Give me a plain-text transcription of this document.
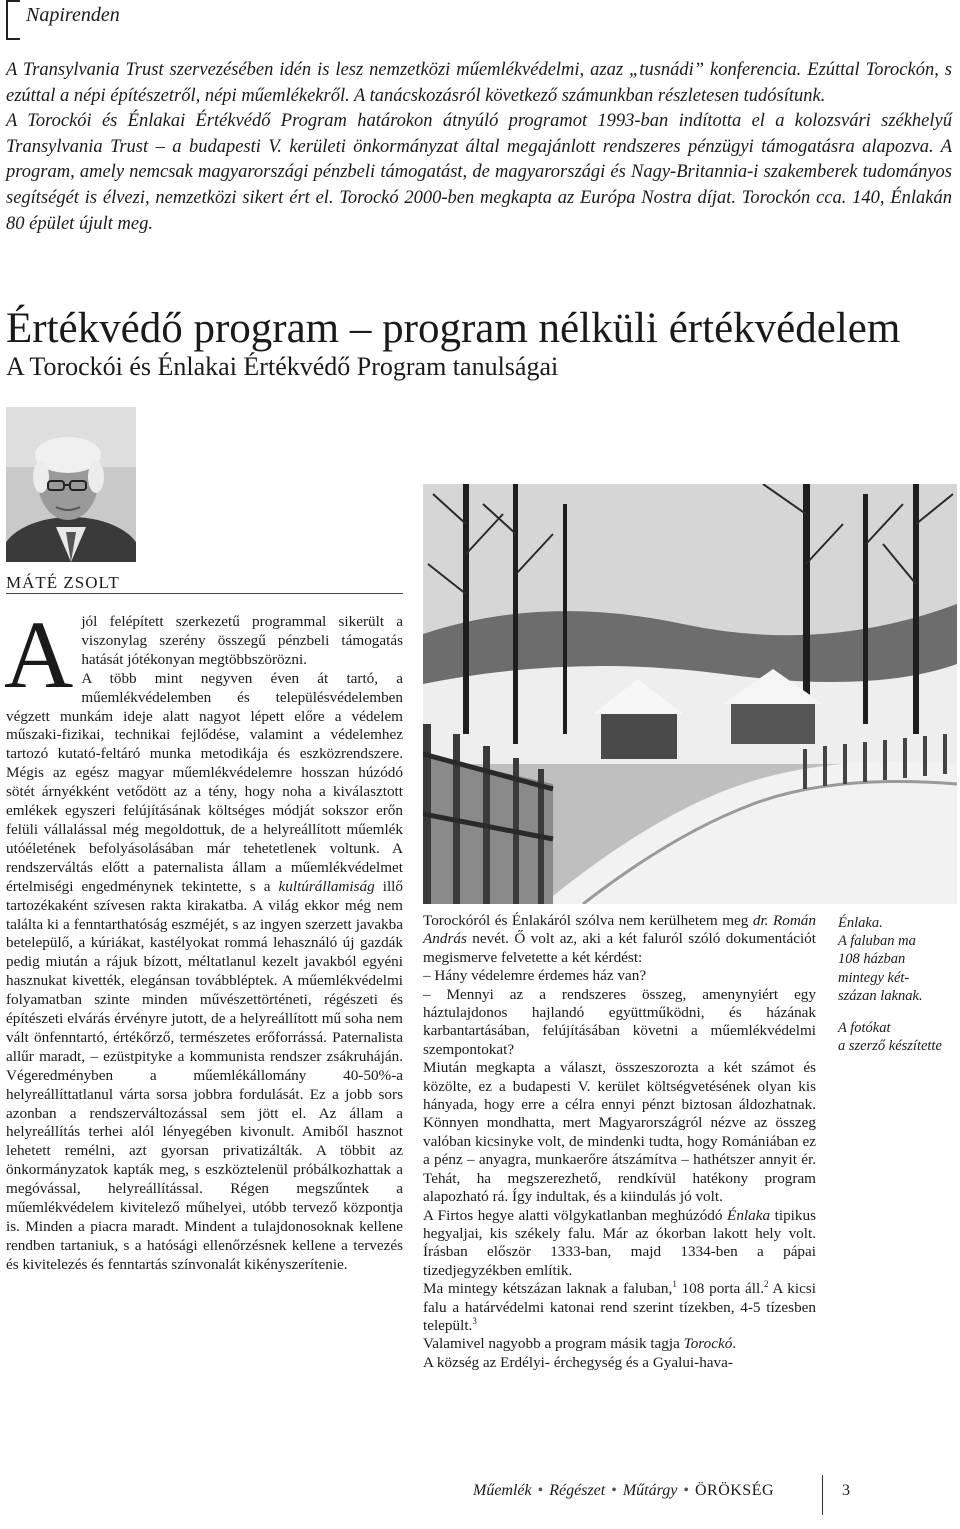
Napirenden
A Transylvania Trust szervezésében idén is lesz nemzetközi műemlékvédelmi, azaz „tusnádi” konferencia. Ezúttal Torockón, s ezúttal a népi építészetről, népi műemlékekről. A tanácskozásról következő számunkban részletesen tudósítunk.
A Torockói és Énlakai Értékvédő Program határokon átnyúló programot 1993-ban indította el a kolozsvári székhelyű Transylvania Trust – a budapesti V. kerületi önkormányzat által megajánlott rendszeres pénzügyi támogatásra alapozva. A program, amely nemcsak magyarországi pénzbeli támogatást, de magyarországi és Nagy-Britannia-i szakemberek tudományos segítségét is élvezi, nemzetközi sikert ért el. Torockó 2000-ben megkapta az Európa Nostra díjat. Torockón cca. 140, Énlakán 80 épület újult meg.
Értékvédő program – program nélküli értékvédelem
A Torockói és Énlakai Értékvédő Program tanulságai
MÁTÉ ZSOLT

A jól felépített szerkezetű programmal sikerült a viszonylag szerény összegű pénzbeli támogatás hatását jótékonyan megtöbbszörözni.

A több mint negyven éven át tartó, a műemlékvédelemben és településvédelemben végzett munkám ideje alatt nagyot lépett előre a védelem műszaki-fizikai, technikai fejlődése, valamint a védelemhez tartozó kutató-feltáró munka metodikája és eszközrendszere. Mégis az egész magyar műemlékvédelemre hosszan húzódó sötét árnyékként vetődött az a tény, hogy noha a kiválasztott emlékek egyszeri felújításának költséges módját sokszor erőn felüli vállalással még megoldottuk, de a helyreállított műemlék utóéletének befolyásolásában már tehetetlenek voltunk. A rendszerváltás előtt a paternalista állam a műemlékvédelmet értelmiségi engedménynek tekintette, s a kultúrállamiság illő tartozékaként szívesen rakta kirakatba. A világ ekkor még nem találta ki a fenntarthatóság eszméjét, s az ingyen szerzett javakba betelepülő, a kúriákat, kastélyokat rommá lehasználó új gazdák pedig miután a rájuk bízott, méltatlanul kezelt javakból egyéni hasznukat kivették, elegánsan továbbléptek. A műemlékvédelmi folyamatban szinte minden művészettörténeti, régészeti és építészeti elvárás érvényre jutott, de a helyreállított mű soha nem vált önfenntartó, értékőrző, természetes erőforrássá. Paternalista allűr maradt, – ezüstpityke a kommunista rendszer zsákruháján. Végeredményben a műemlékállomány 40-50%-a helyreállíttatlanul várta sorsa jobbra fordulását. Ez a jobb sors azonban a rendszerváltozással sem jött el. Az állam a helyreállítás terhei alól lényegében kivonult. Amiből hasznot lehetett remélni, azt gyorsan privatizálták. A többit az önkormányzatok kapták meg, s eszköztelenül próbálkozhattak a megóvással, helyreállítással. Régen megszűntek a műemlékvédelem kivitelező műhelyei, utóbb tervező központja is. Minden a piacra maradt. Mindent a tulajdonosoknak kellene rendben tartaniuk, s a hatósági ellenőrzésnek kellene a tervezés és kivitelezés és fenntartás színvonalát kikényszerítenie.

Torockóról és Énlakáról szólva nem kerülhetem meg dr. Román András nevét. Ő volt az, aki a két faluról szóló dokumentációt megismerve felvetette a két kérdést:

– Hány védelemre érdemes ház van?

– Mennyi az a rendszeres összeg, amenynyiért egy háztulajdonos hajlandó együttműködni, és házának karbantartásában, felújításában követni a műemlékvédelmi szempontokat?

Miután megkapta a választ, összeszorozta a két számot és közölte, ez a budapesti V. kerület költségvetésének olyan kis hányada, hogy erre a célra ennyi pénzt biztosan áldozhatnak. Könnyen mondhatta, mert Magyarországról nézve az összeg valóban kicsinyke volt, de mindenki tudta, hogy Romániában ez a pénz – anyagra, munkaerőre átszámítva – hathétszer annyit ér. Tehát, ha megszerezhető, rendkívül hatékony program alapozható rá. Így indultak, és a kiindulás jó volt.

A Firtos hegye alatti völgykatlanban meghúzódó Énlaka tipikus hegyaljai, kis székely falu. Már az ókorban lakott hely volt. Írásban először 1333-ban, majd 1334-ben a pápai tizedjegyzékben említik.

Ma mintegy kétszázan laknak a faluban,$^1$ 108 porta áll.$^2$ A kicsi falu a határvédelmi katonai rend szerint tízekben, 4-5 tízesben települt.$^3$

Valamivel nagyobb a program másik tagja Torockó.

A község az Erdélyi- érchegység és a Gyalui-hava-

Énlaka.
A faluban ma
108 házban
mintegy két-
százan laknak.

A fotókat
a szerző készítette

Műemlék • Régészet • Műtárgy • ÖRÖKSÉG	3
